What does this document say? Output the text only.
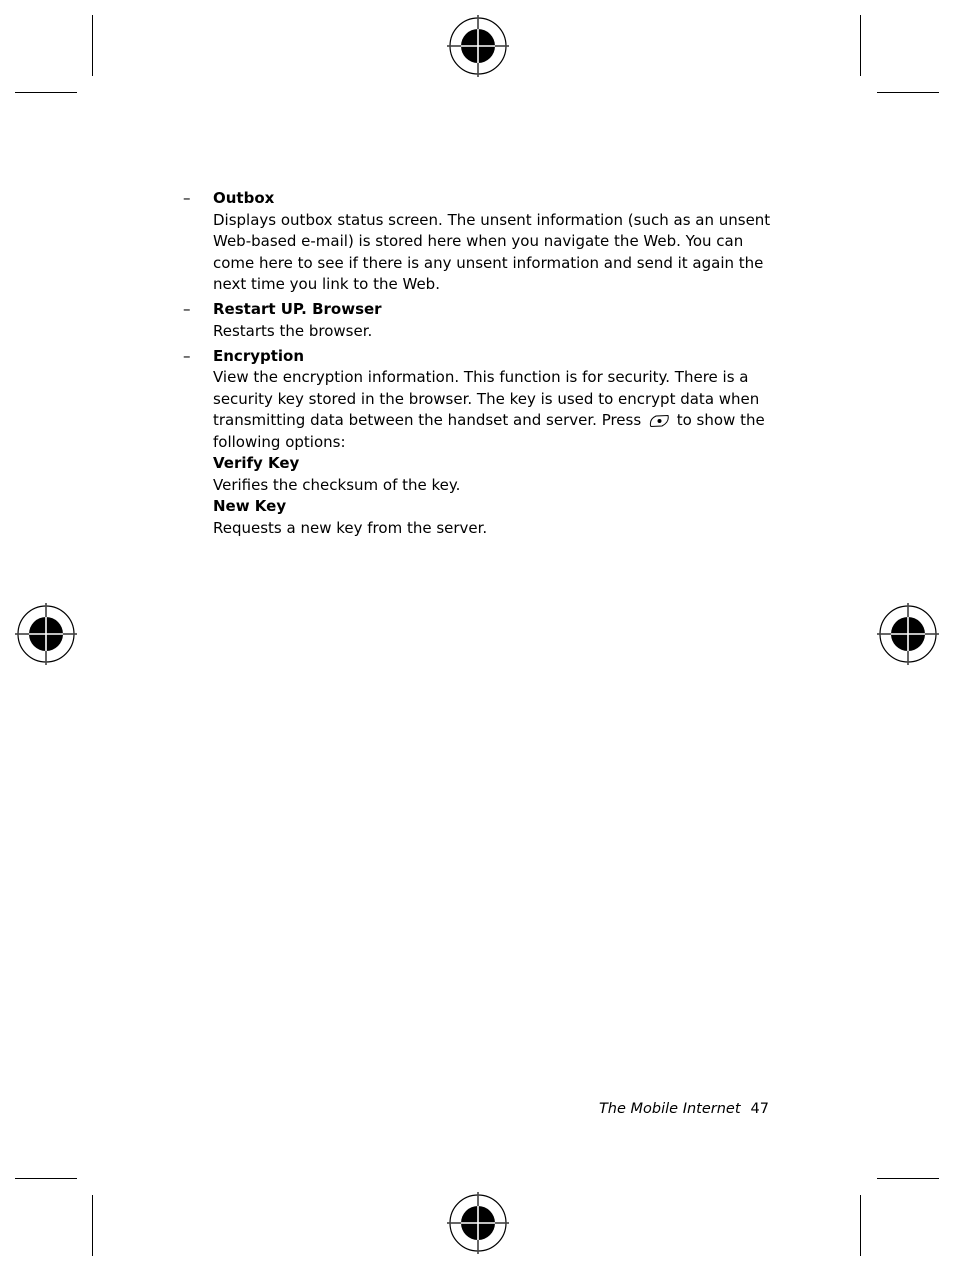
–	Outbox
Displays outbox status screen. The unsent information (such as an unsent Web-based e-mail) is stored here when you navigate the Web. You can come here to see if there is any unsent information and send it again the next time you link to the Web.
–	Restart UP. Browser
Restarts the browser.
–	Encryption
View the encryption information. This function is for security. There is a security key stored in the browser. The key is used to encrypt data when transmitting data between the handset and server. Press to show the following options:
Verify Key
Verifies the checksum of the key.
New Key
Requests a new key from the server.
The Mobile Internet 47
